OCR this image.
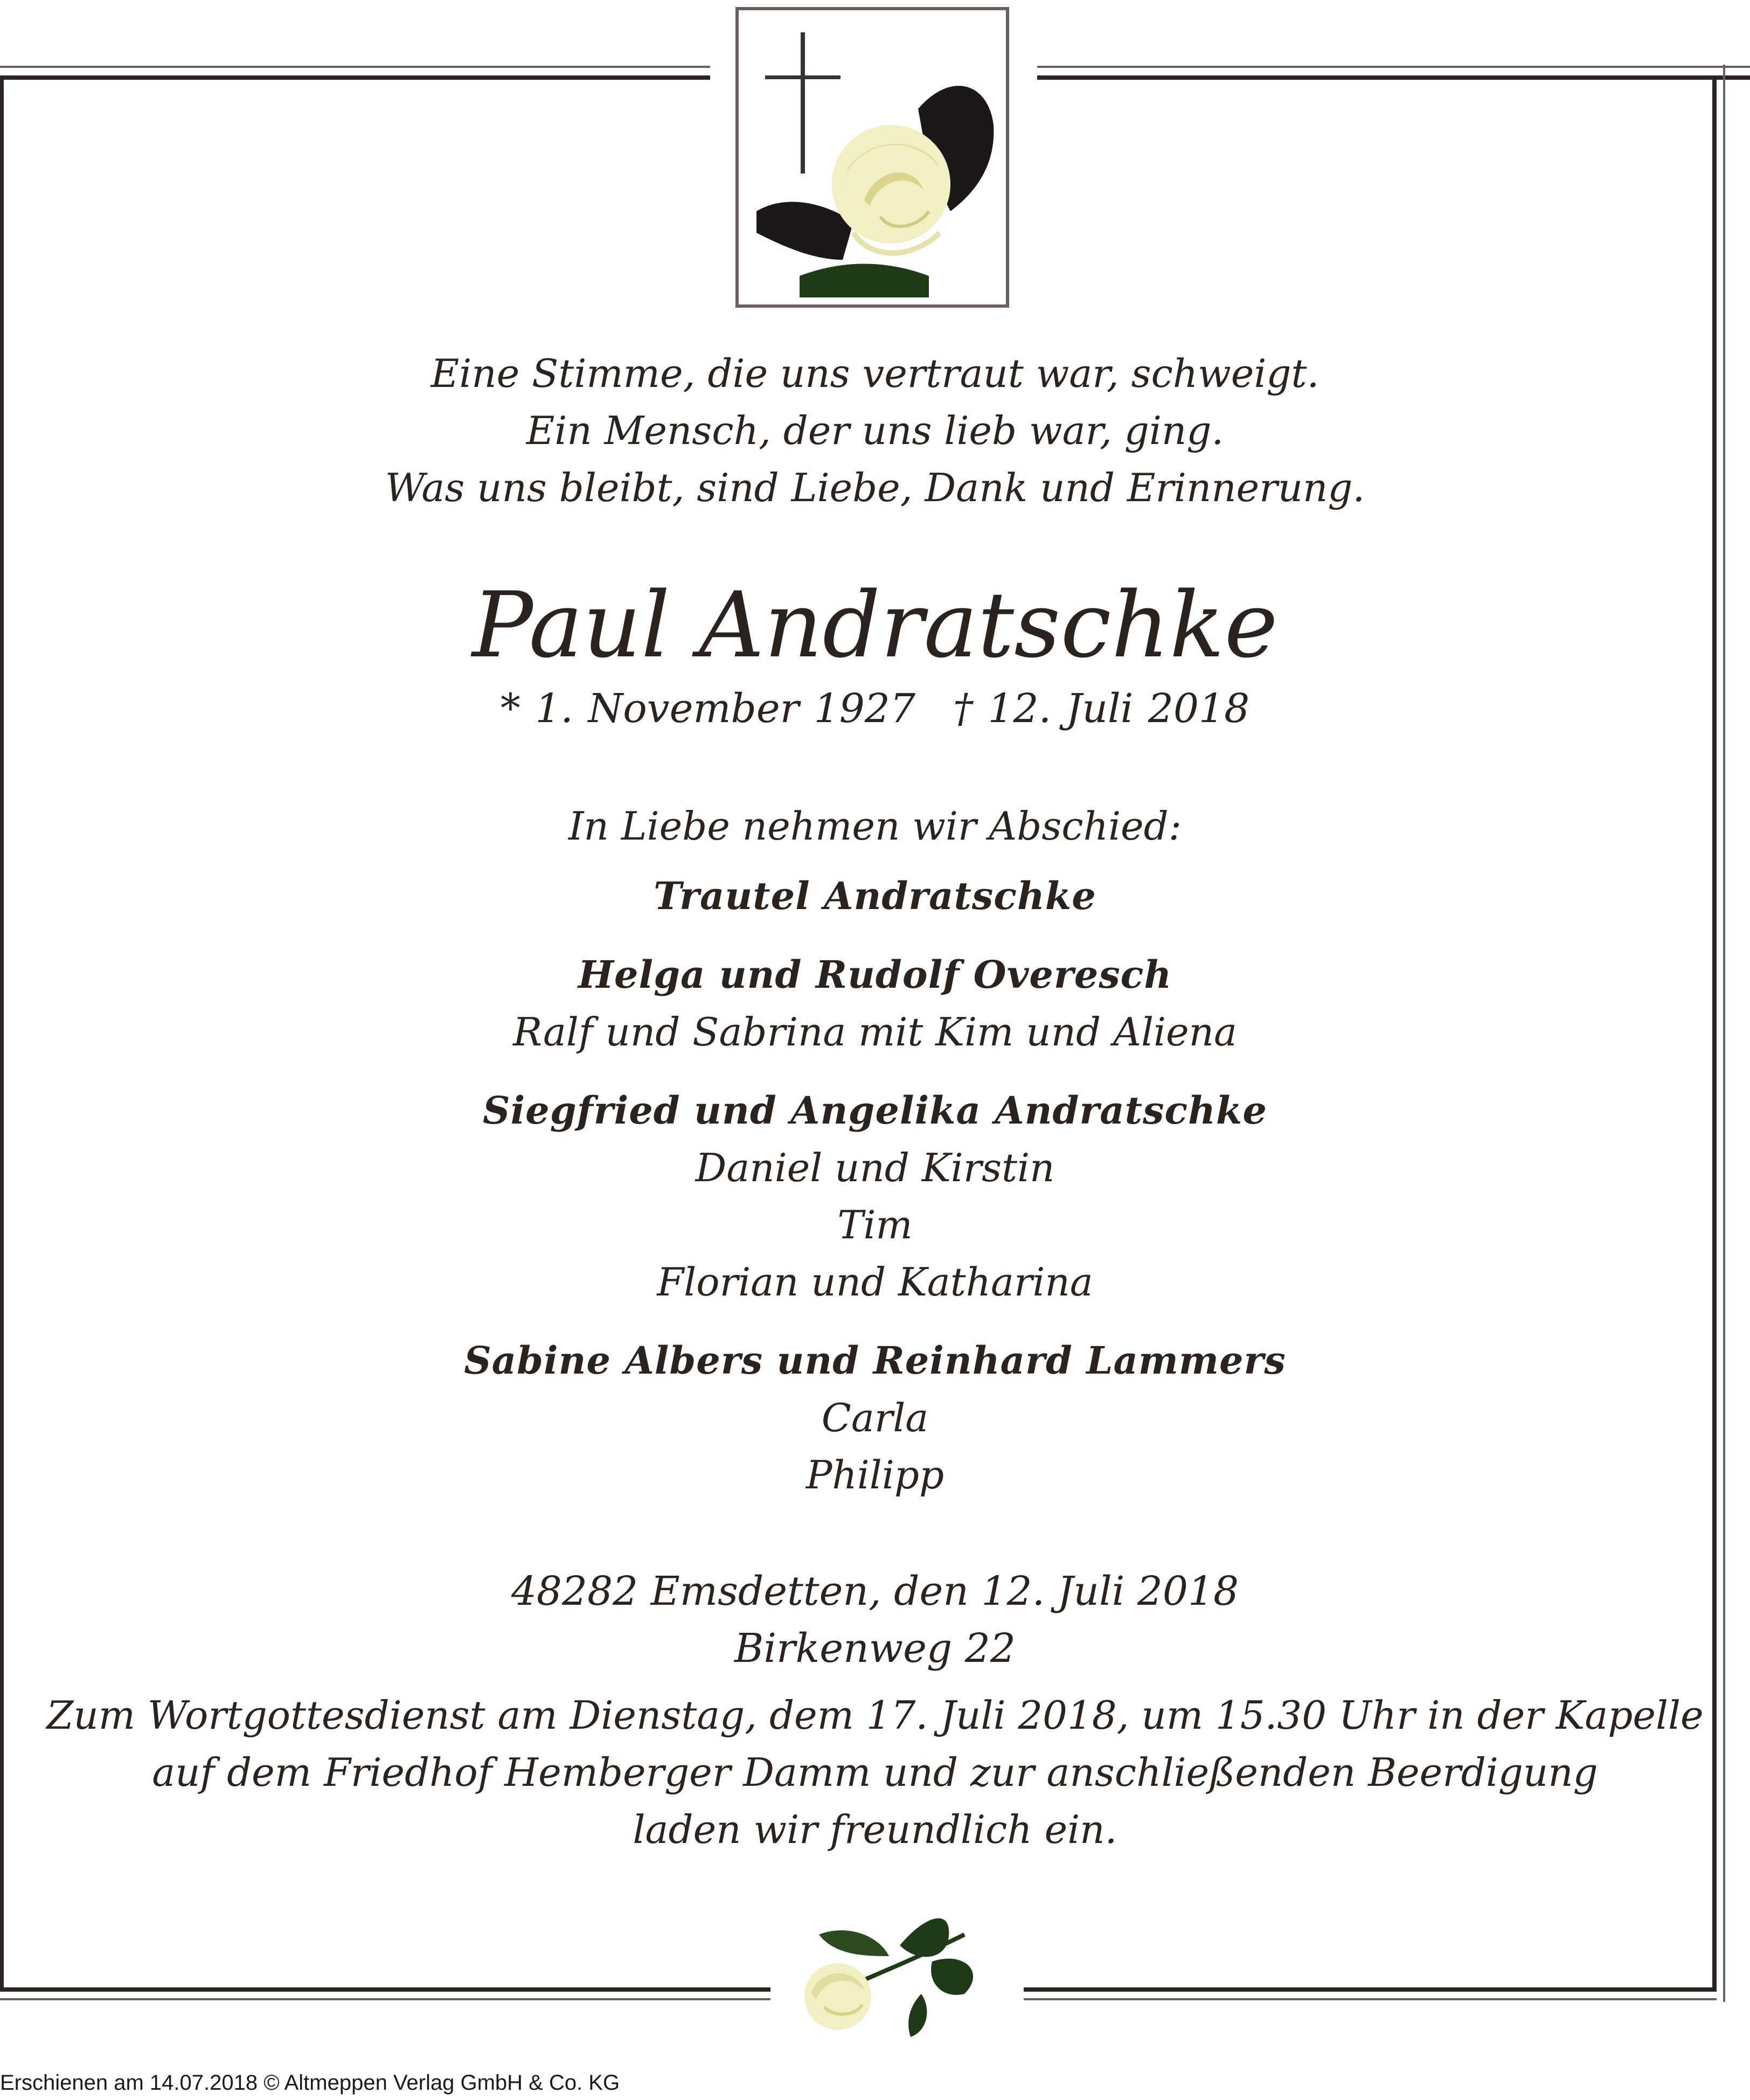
Eine Stimme, die uns vertraut war, schweigt.
Ein Mensch, der uns lieb war, ging.
Was uns bleibt, sind Liebe, Dank und Erinnerung.
Paul Andratschke
* 1. November 1927 † 12. Juli 2018
In Liebe nehmen wir Abschied:
Trautel Andratschke
Helga und Rudolf Overesch
Ralf und Sabrina mit Kim und Aliena
Siegfried und Angelika Andratschke
Daniel und Kirstin
Tim
Florian und Katharina
Sabine Albers und Reinhard Lammers
Carla
Philipp
48282 Emsdetten, den 12. Juli 2018
Birkenweg 22
Zum Wortgottesdienst am Dienstag, dem 17. Juli 2018, um 15.30 Uhr in der Kapelle
auf dem Friedhof Hemberger Damm und zur anschließenden Beerdigung
laden wir freundlich ein.
Erschienen am 14.07.2018 © Altmeppen Verlag GmbH & Co. KG
